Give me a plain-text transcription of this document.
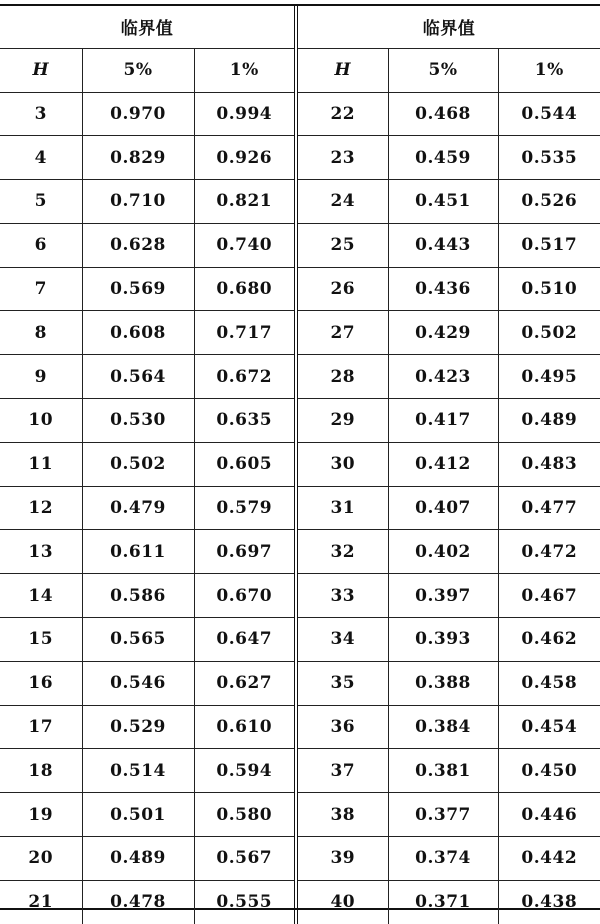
临界值			临界值		
H	5%	1%	H	5%	1%
3	0.970	0.994	22	0.468	0.544
4	0.829	0.926	23	0.459	0.535
5	0.710	0.821	24	0.451	0.526
6	0.628	0.740	25	0.443	0.517
7	0.569	0.680	26	0.436	0.510
8	0.608	0.717	27	0.429	0.502
9	0.564	0.672	28	0.423	0.495
10	0.530	0.635	29	0.417	0.489
11	0.502	0.605	30	0.412	0.483
12	0.479	0.579	31	0.407	0.477
13	0.611	0.697	32	0.402	0.472
14	0.586	0.670	33	0.397	0.467
15	0.565	0.647	34	0.393	0.462
16	0.546	0.627	35	0.388	0.458
17	0.529	0.610	36	0.384	0.454
18	0.514	0.594	37	0.381	0.450
19	0.501	0.580	38	0.377	0.446
20	0.489	0.567	39	0.374	0.442
21	0.478	0.555	40	0.371	0.438
